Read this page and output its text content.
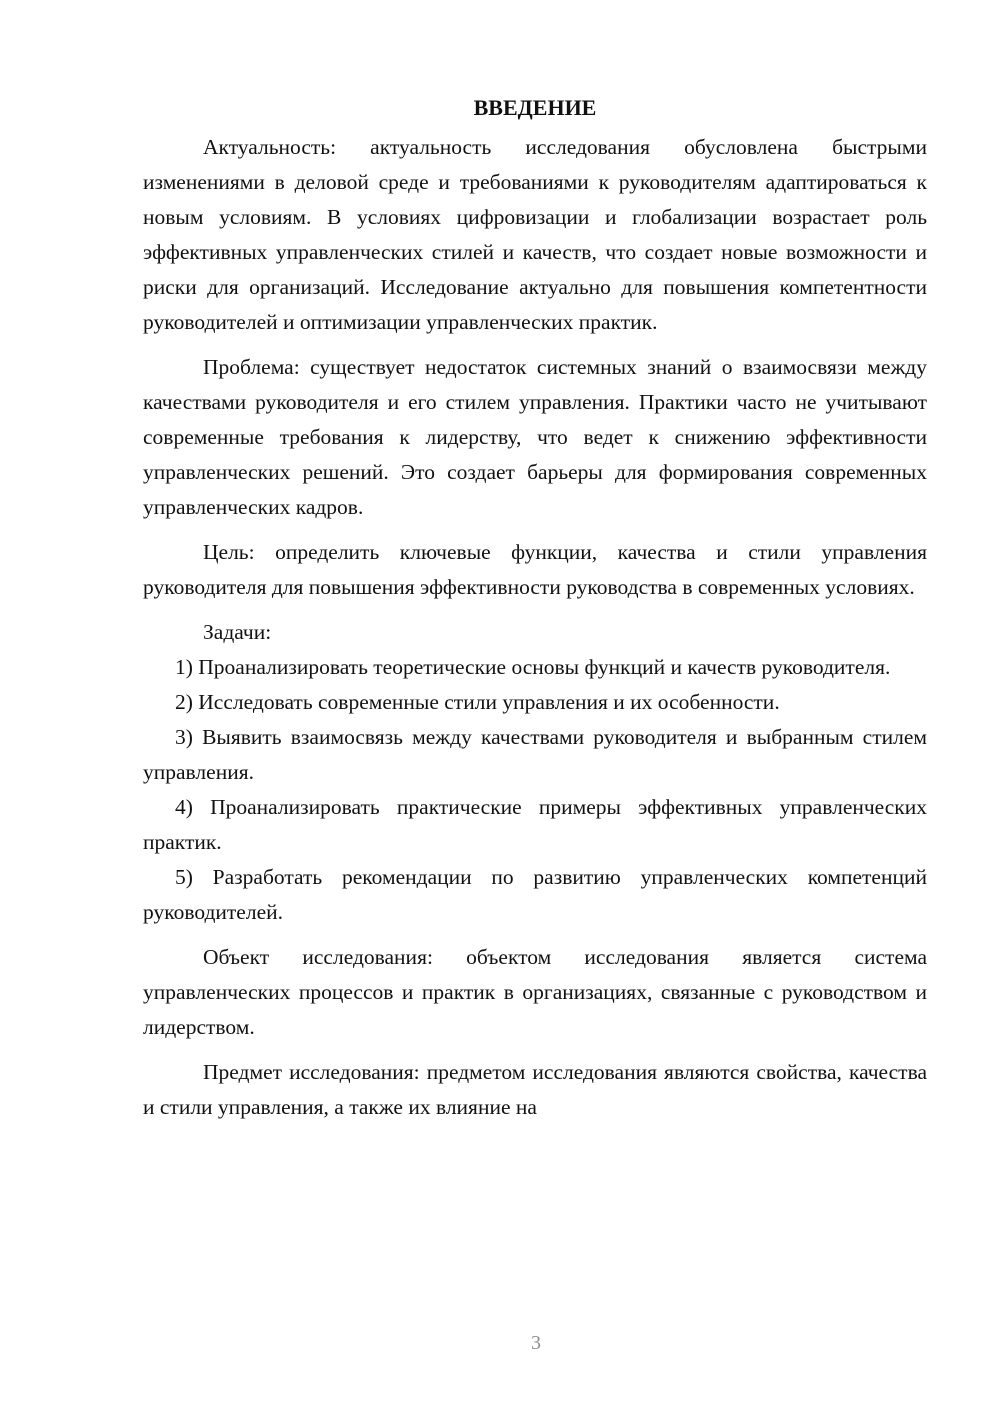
ВВЕДЕНИЕ

Актуальность: актуальность исследования обусловлена быстрыми изменениями в деловой среде и требованиями к руководителям адаптироваться к новым условиям. В условиях цифровизации и глобализации возрастает роль эффективных управленческих стилей и качеств, что создает новые возможности и риски для организаций. Исследование актуально для повышения компетентности руководителей и оптимизации управленческих практик.

Проблема: существует недостаток системных знаний о взаимосвязи между качествами руководителя и его стилем управления. Практики часто не учитывают современные требования к лидерству, что ведет к снижению эффективности управленческих решений. Это создает барьеры для формирования современных управленческих кадров.

Цель: определить ключевые функции, качества и стили управления руководителя для повышения эффективности руководства в современных условиях.

Задачи:

1) Проанализировать теоретические основы функций и качеств руководителя.

2) Исследовать современные стили управления и их особенности.

3) Выявить взаимосвязь между качествами руководителя и выбранным стилем управления.

4) Проанализировать практические примеры эффективных управленческих практик.

5) Разработать рекомендации по развитию управленческих компетенций руководителей.

Объект исследования: объектом исследования является система управленческих процессов и практик в организациях, связанные с руководством и лидерством.

Предмет исследования: предметом исследования являются свойства, качества и стили управления, а также их влияние на

3
